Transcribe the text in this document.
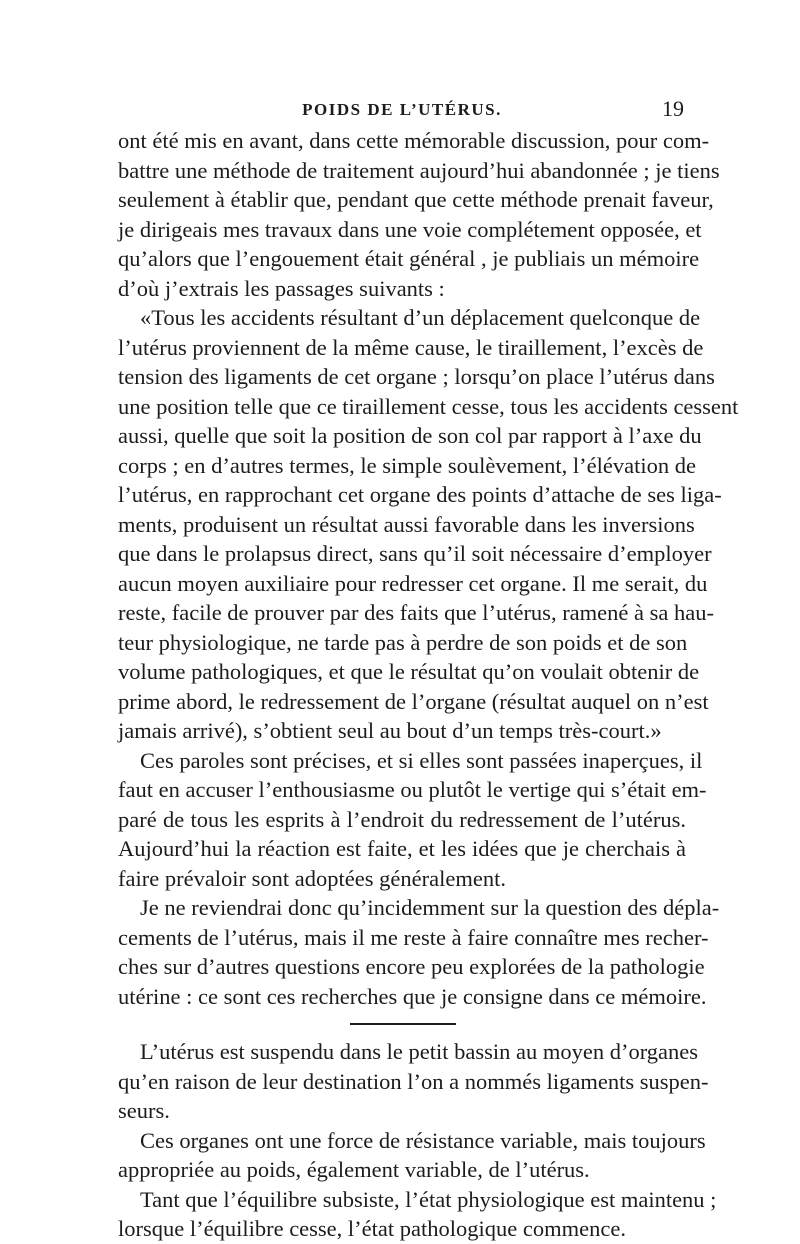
POIDS DE L’UTÉRUS.	19
ont été mis en avant, dans cette mémorable discussion, pour com-
battre une méthode de traitement aujourd’hui abandonnée ; je tiens
seulement à établir que, pendant que cette méthode prenait faveur,
je dirigeais mes travaux dans une voie complétement opposée, et
qu’alors que l’engouement était général , je publiais un mémoire
d’où j’extrais les passages suivants :
«Tous les accidents résultant d’un déplacement quelconque de
l’utérus proviennent de la même cause, le tiraillement, l’excès de
tension des ligaments de cet organe ; lorsqu’on place l’utérus dans
une position telle que ce tiraillement cesse, tous les accidents cessent
aussi, quelle que soit la position de son col par rapport à l’axe du
corps ; en d’autres termes, le simple soulèvement, l’élévation de
l’utérus, en rapprochant cet organe des points d’attache de ses liga-
ments, produisent un résultat aussi favorable dans les inversions
que dans le prolapsus direct, sans qu’il soit nécessaire d’employer
aucun moyen auxiliaire pour redresser cet organe. Il me serait, du
reste, facile de prouver par des faits que l’utérus, ramené à sa hau-
teur physiologique, ne tarde pas à perdre de son poids et de son
volume pathologiques, et que le résultat qu’on voulait obtenir de
prime abord, le redressement de l’organe (résultat auquel on n’est
jamais arrivé), s’obtient seul au bout d’un temps très-court.»
Ces paroles sont précises, et si elles sont passées inaperçues, il
faut en accuser l’enthousiasme ou plutôt le vertige qui s’était em-
paré de tous les esprits à l’endroit du redressement de l’utérus.
Aujourd’hui la réaction est faite, et les idées que je cherchais à
faire prévaloir sont adoptées généralement.
Je ne reviendrai donc qu’incidemment sur la question des dépla-
cements de l’utérus, mais il me reste à faire connaître mes recher-
ches sur d’autres questions encore peu explorées de la pathologie
utérine : ce sont ces recherches que je consigne dans ce mémoire.
L’utérus est suspendu dans le petit bassin au moyen d’organes
qu’en raison de leur destination l’on a nommés ligaments suspen-
seurs.
Ces organes ont une force de résistance variable, mais toujours
appropriée au poids, également variable, de l’utérus.
Tant que l’équilibre subsiste, l’état physiologique est maintenu ;
lorsque l’équilibre cesse, l’état pathologique commence.
